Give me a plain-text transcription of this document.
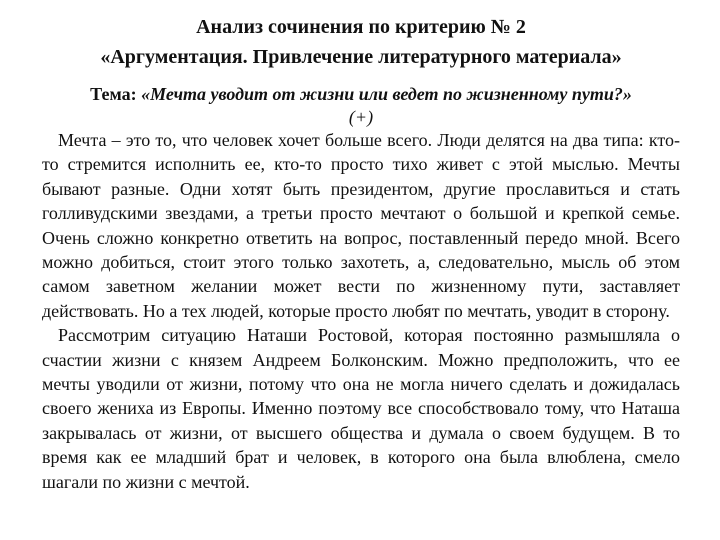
Анализ сочинения по критерию № 2
«Аргументация. Привлечение литературного материала»
Тема: «Мечта уводит от жизни или ведет по жизненному пути?»
(+)

Мечта – это то, что человек хочет больше всего. Люди делятся на два типа: кто-то стремится исполнить ее, кто-то просто тихо живет с этой мыслью. Мечты бывают разные. Одни хотят быть президентом, другие прославиться и стать голливудскими звездами, а третьи просто мечтают о большой и крепкой семье. Очень сложно конкретно ответить на вопрос, поставленный передо мной. Всего можно добиться, стоит этого только захотеть, а, следовательно, мысль об этом самом заветном желании может вести по жизненному пути, заставляет действовать. Но а тех людей, которые просто любят по мечтать, уводит в сторону.

Рассмотрим ситуацию Наташи Ростовой, которая постоянно размышляла о счастии жизни с князем Андреем Болконским. Можно предположить, что ее мечты уводили от жизни, потому что она не могла ничего сделать и дожидалась своего жениха из Европы. Именно поэтому все способствовало тому, что Наташа закрывалась от жизни, от высшего общества и думала о своем будущем. В то время как ее младший брат и человек, в которого она была влюблена, смело шагали по жизни с мечтой.
